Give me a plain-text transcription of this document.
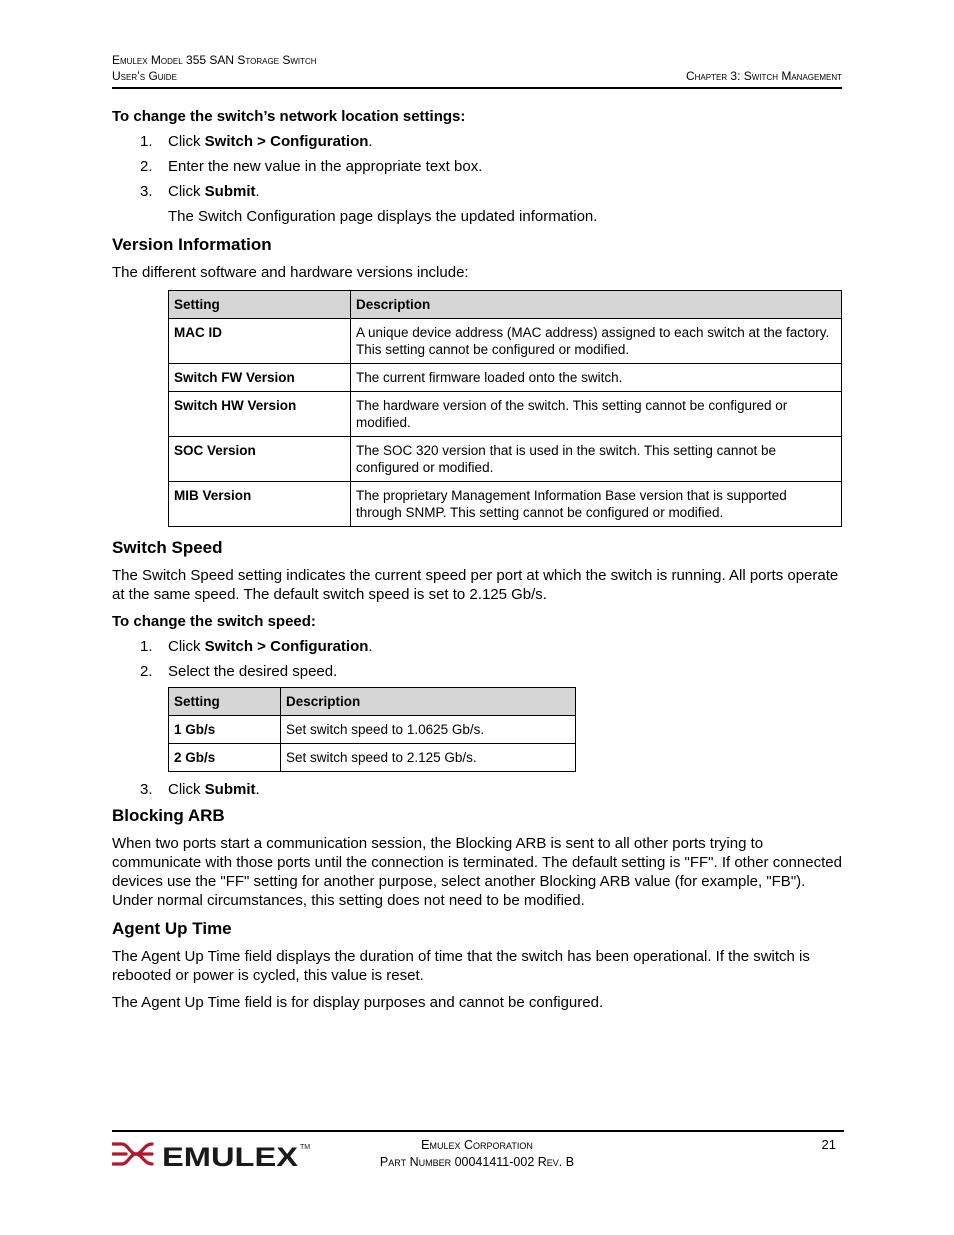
Emulex Model 355 SAN Storage Switch
User’s Guide	Chapter 3: Switch Management
To change the switch’s network location settings:
1. Click Switch > Configuration.
2. Enter the new value in the appropriate text box.
3. Click Submit.
The Switch Configuration page displays the updated information.
Version Information

The different software and hardware versions include:

Setting	Description
MAC ID	A unique device address (MAC address) assigned to each switch at the factory. This setting cannot be configured or modified.
Switch FW Version	The current firmware loaded onto the switch.
Switch HW Version	The hardware version of the switch. This setting cannot be configured or modified.
SOC Version	The SOC 320 version that is used in the switch. This setting cannot be configured or modified.
MIB Version	The proprietary Management Information Base version that is supported through SNMP. This setting cannot be configured or modified.
Switch Speed

The Switch Speed setting indicates the current speed per port at which the switch is running. All ports operate at the same speed. The default switch speed is set to 2.125 Gb/s.

To change the switch speed:
1. Click Switch > Configuration.
2. Select the desired speed.
Setting	Description
1 Gb/s	Set switch speed to 1.0625 Gb/s.
2 Gb/s	Set switch speed to 2.125 Gb/s.
3. Click Submit.
Blocking ARB

When two ports start a communication session, the Blocking ARB is sent to all other ports trying to communicate with those ports until the connection is terminated. The default setting is "FF". If other connected devices use the "FF" setting for another purpose, select another Blocking ARB value (for example, "FB"). Under normal circumstances, this setting does not need to be modified.

Agent Up Time

The Agent Up Time field displays the duration of time that the switch has been operational. If the switch is rebooted or power is cycled, this value is reset.

The Agent Up Time field is for display purposes and cannot be configured.

EMULEX TM	Emulex Corporation
Part Number 00041411-002 Rev. B
21
